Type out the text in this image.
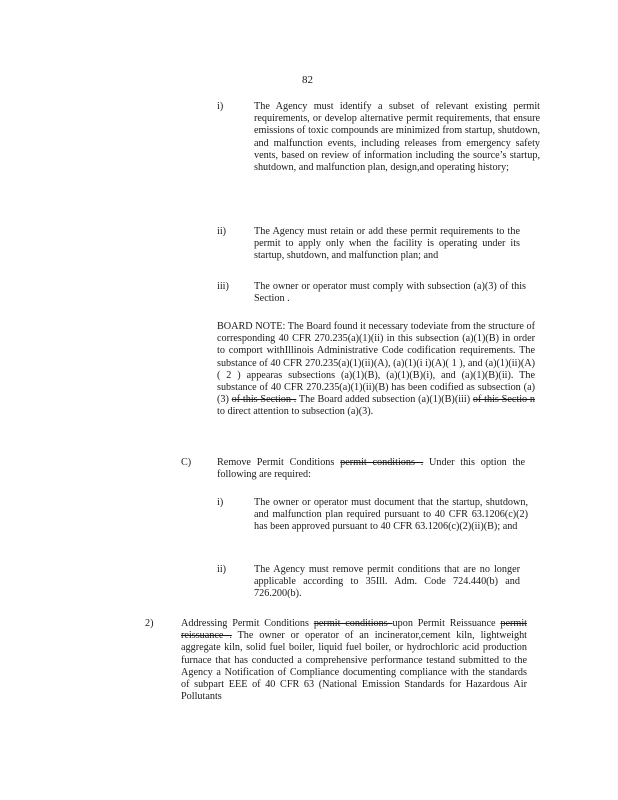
82
i)	The Agency must identify a subset of relevant existing permit requirements, or develop alternative permit requirements, that ensure emissions of toxic compounds are minimized from startup, shutdown, and malfunction events, including releases from emergency safety vents, based on review of information including the source’s startup, shutdown, and malfunction plan, design,and operating history;
ii)	The Agency must retain or add these permit requirements to the permit to apply only when the facility is operating under its startup, shutdown, and malfunction plan; and
iii) The owner or operator must comply with subsection (a)(3) of this Section .
BOARD NOTE: The Board found it necessary todeviate from the structure of corresponding 40 CFR 270.235(a)(1)(ii) in this subsection (a)(1)(B) in order to comport withIllinois Administrative Code codification requirements. The substance of 40 CFR 270.235(a)(1)(ii)(A), (a)(1)(i i)(A)( 1 ), and (a)(1)(ii)(A)( 2 ) appearas subsections (a)(1)(B), (a)(1)(B)(i), and (a)(1)(B)(ii). The substance of 40 CFR 270.235(a)(1)(ii)(B) has been codified as subsection (a)(3) of this Section . The Board added subsection (a)(1)(B)(iii) of this Sectio n to direct attention to subsection (a)(3).
C)	Remove Permit Conditions permit conditions . Under this option the following are required:
i)	The owner or operator must document that the startup, shutdown, and malfunction plan required pursuant to 40 CFR 63.1206(c)(2) has been approved pursuant to 40 CFR 63.1206(c)(2)(ii)(B); and
ii)	The Agency must remove permit conditions that are no longer applicable according to 35Ill. Adm. Code 724.440(b) and 726.200(b).
2)	Addressing Permit Conditions permit conditions upon Permit Reissuance permit reissuance . The owner or operator of an incinerator,cement kiln, lightweight aggregate kiln, solid fuel boiler, liquid fuel boiler, or hydrochloric acid production furnace that has conducted a comprehensive performance testand submitted to the Agency a Notification of Compliance documenting compliance with the standards of subpart EEE of 40 CFR 63 (National Emission Standards for Hazardous Air Pollutants
